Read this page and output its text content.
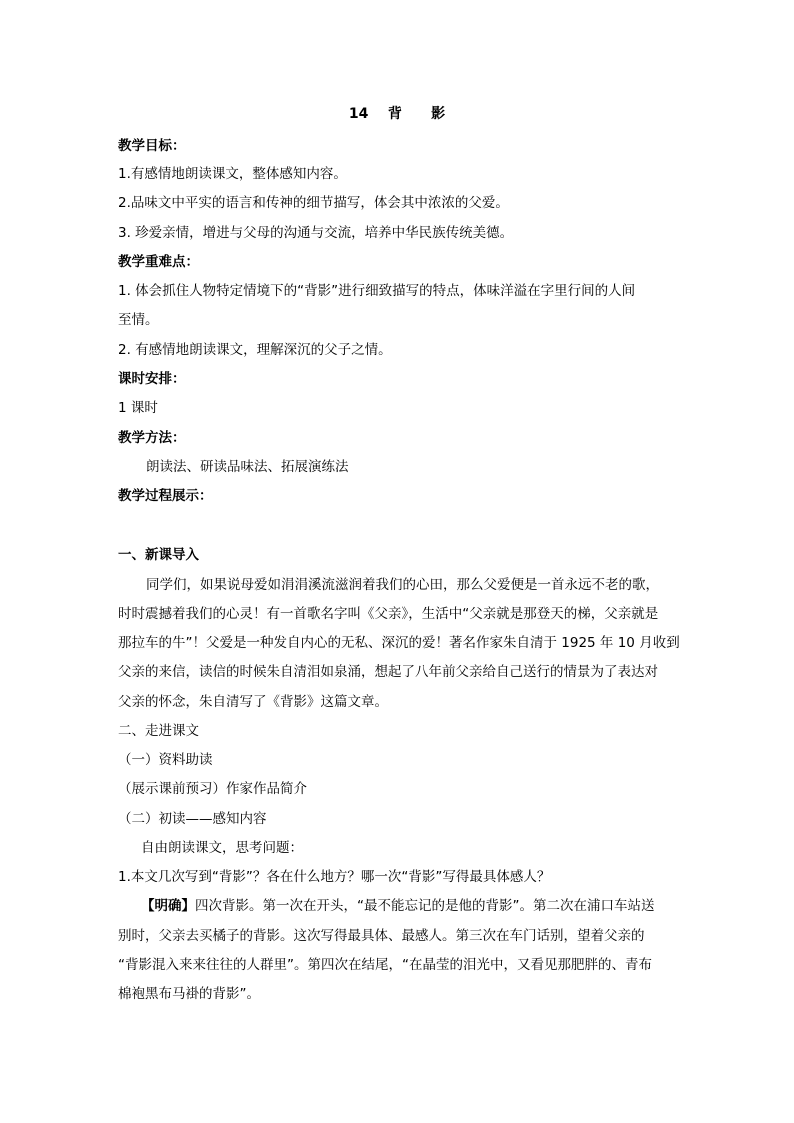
14    背      影
教学目标：
1.有感情地朗读课文，整体感知内容。
2.品味文中平实的语言和传神的细节描写，体会其中浓浓的父爱。
3. 珍爱亲情，增进与父母的沟通与交流，培养中华民族传统美德。
教学重难点：
1. 体会抓住人物特定情境下的“背影”进行细致描写的特点，体味洋溢在字里行间的人间
至情。
2. 有感情地朗读课文，理解深沉的父子之情。
课时安排：
1 课时
教学方法：
朗读法、研读品味法、拓展演练法
教学过程展示：
一、新课导入
同学们，如果说母爱如涓涓溪流滋润着我们的心田，那么父爱便是一首永远不老的歌，
时时震撼着我们的心灵！有一首歌名字叫《父亲》，生活中“父亲就是那登天的梯，父亲就是
那拉车的牛”！父爱是一种发自内心的无私、深沉的爱！著名作家朱自清于 1925 年 10 月收到
父亲的来信，读信的时候朱自清泪如泉涌，想起了八年前父亲给自己送行的情景为了表达对
父亲的怀念，朱自清写了《背影》这篇文章。
二、走进课文
（一）资料助读
（展示课前预习）作家作品简介
（二）初读——感知内容
自由朗读课文，思考问题：
1.本文几次写到“背影”？各在什么地方？哪一次“背影”写得最具体感人？
【明确】四次背影。第一次在开头，“最不能忘记的是他的背影”。第二次在浦口车站送
别时，父亲去买橘子的背影。这次写得最具体、最感人。第三次在车门话别，望着父亲的
“背影混入来来往往的人群里”。第四次在结尾，“在晶莹的泪光中，又看见那肥胖的、青布
棉袍黑布马褂的背影”。
